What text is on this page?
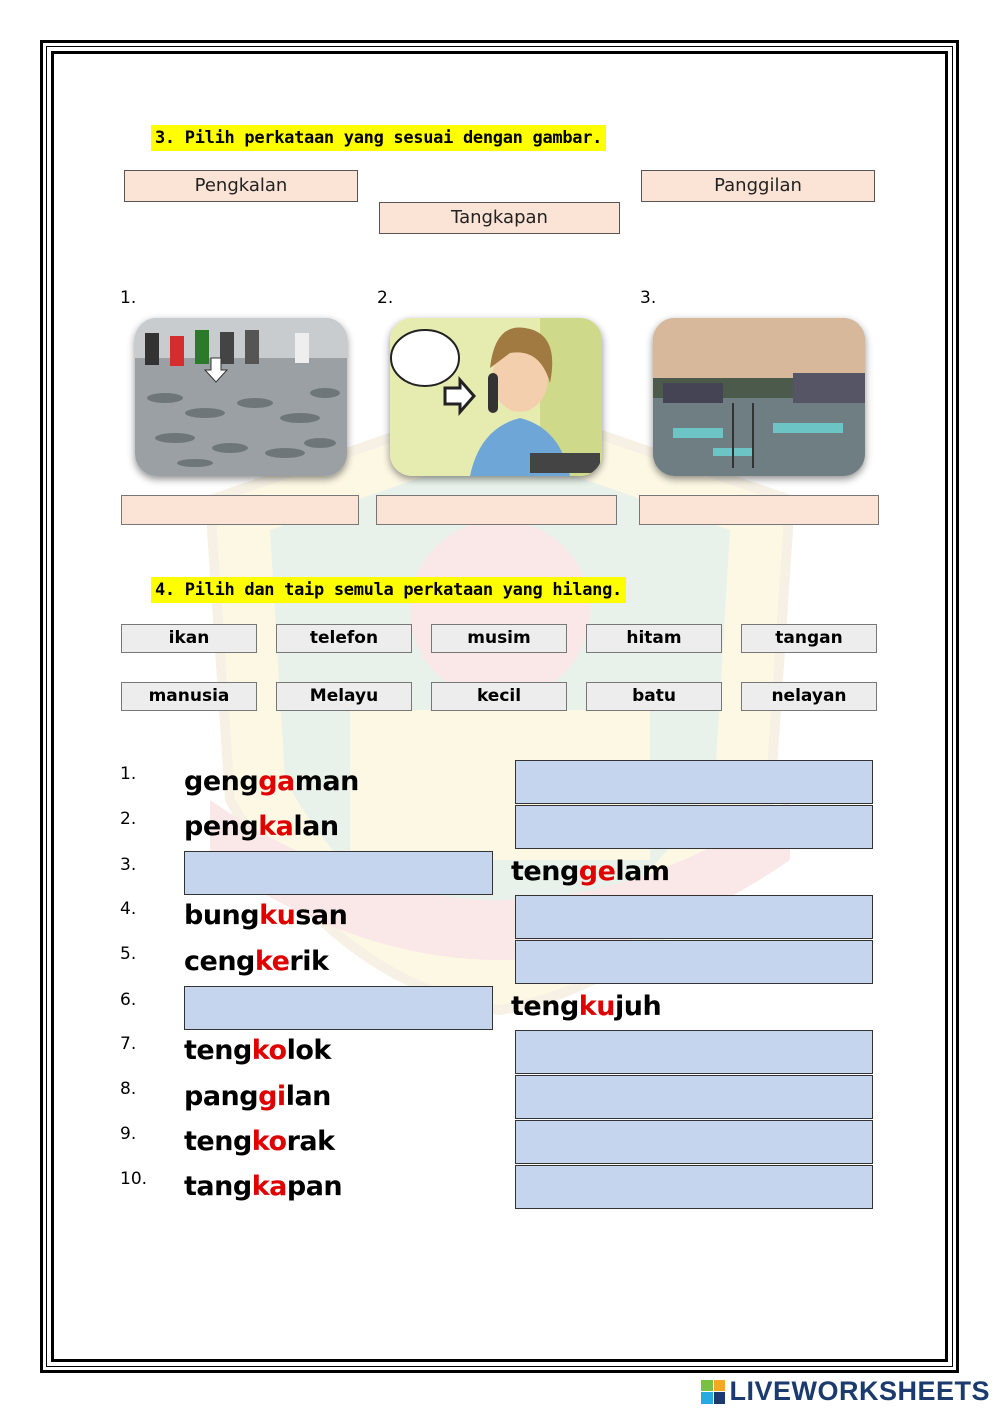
3. Pilih perkataan yang sesuai dengan gambar.
Pengkalan
Tangkapan
Panggilan
1.	2.	3.
4. Pilih dan taip semula perkataan yang hilang.
ikan	telefon	musim	hitam	tangan
manusia	Melayu	kecil	batu	nelayan
1. genggaman
2. pengkalan
3.	tenggelam
4. bungkusan
5. cengkerik
6.	tengkujuh
7. tengkolok
8. panggilan
9. tengkorak
10. tangkapan
LIVEWORKSHEETS
